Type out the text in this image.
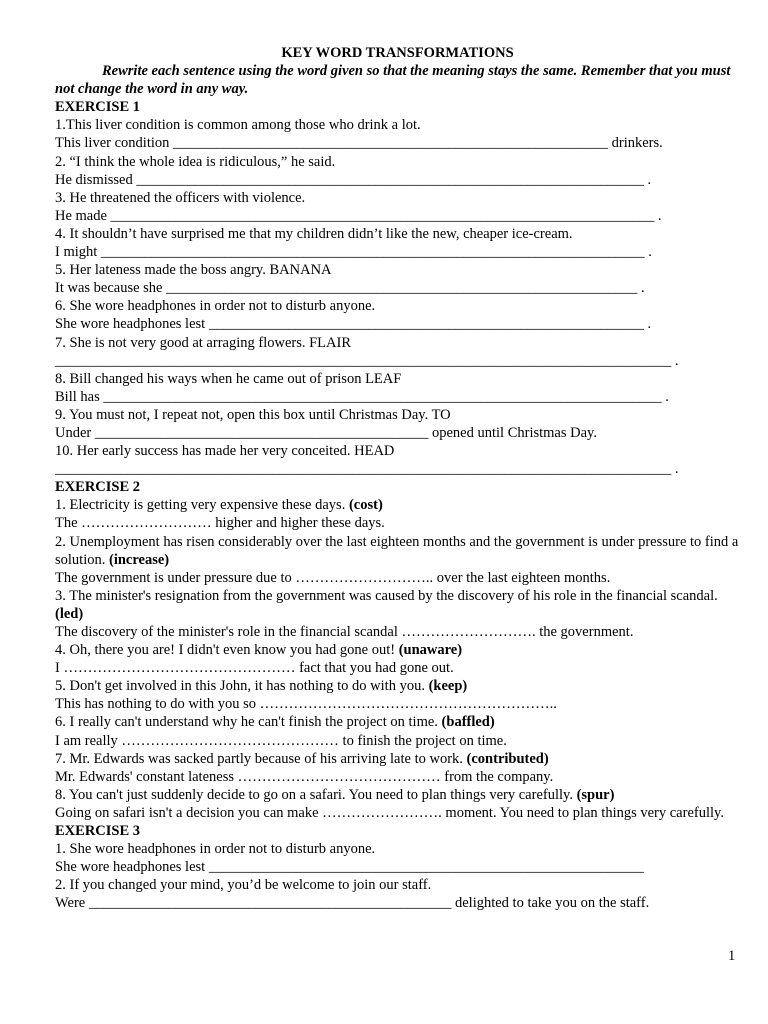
KEY WORD TRANSFORMATIONS
Rewrite each sentence using the word given so that the meaning stays the same. Remember that you must not change the word in any way.
EXERCISE 1
1.This liver condition is common among those who drink a lot.
This liver condition ____________________________________________________________ drinkers.
2. “I think the whole idea is ridiculous,” he said.
He dismissed ______________________________________________________________________ .
3. He threatened the officers with violence.
He made ___________________________________________________________________________ .
4. It shouldn’t have surprised me that my children didn’t like the new, cheaper ice-cream.
I might ___________________________________________________________________________ .
5. Her lateness made the boss angry. BANANA
It was because she _________________________________________________________________ .
6. She wore headphones in order not to disturb anyone.
She wore headphones lest ____________________________________________________________ .
7. She is not very good at arraging flowers. FLAIR
_____________________________________________________________________________________ .
8. Bill changed his ways when he came out of prison LEAF
Bill has _____________________________________________________________________________ .
9. You must not, I repeat not, open this box until Christmas Day. TO
Under ______________________________________________ opened until Christmas Day.
10. Her early success has made her very conceited. HEAD
_____________________________________________________________________________________ .
EXERCISE 2
1. Electricity is getting very expensive these days. (cost)
The ……………………… higher and higher these days.
2. Unemployment has risen considerably over the last eighteen months and the government is under pressure to find a solution. (increase)
The government is under pressure due to ……………………….. over the last eighteen months.
3. The minister's resignation from the government was caused by the discovery of his role in the financial scandal. (led)
The discovery of the minister's role in the financial scandal ………………………. the government.
4. Oh, there you are! I didn't even know you had gone out! (unaware)
I ………………………………………… fact that you had gone out.
5. Don't get involved in this John, it has nothing to do with you. (keep)
This has nothing to do with you so ……………………………………………………..
6. I really can't understand why he can't finish the project on time. (baffled)
I am really ……………………………………… to finish the project on time.
7. Mr. Edwards was sacked partly because of his arriving late to work. (contributed)
Mr. Edwards' constant lateness …………………………………… from the company.
8. You can't just suddenly decide to go on a safari. You need to plan things very carefully. (spur)
Going on safari isn't a decision you can make ……………………. moment. You need to plan things very carefully.
EXERCISE 3
1. She wore headphones in order not to disturb anyone.
She wore headphones lest ____________________________________________________________
2. If you changed your mind, you’d be welcome to join our staff.
Were __________________________________________________ delighted to take you on the staff.
1
